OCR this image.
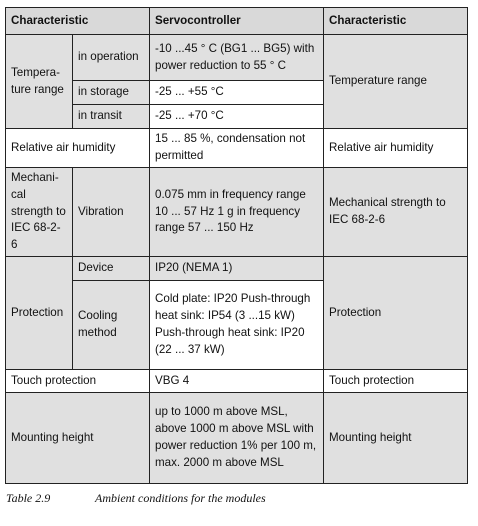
Characteristic		Servocontroller	Characteristic
Tempera-ture range	in operation	-10 ...45 ° C (BG1 ... BG5) with power reduction to 55 ° C	Temperature range
	in storage	-25 ... +55 °C	
	in transit	-25 ... +70 °C	
Relative air humidity		15 ... 85 %, condensation not permitted	Relative air humidity
Mechani-cal strength to IEC 68-2-6	Vibration	0.075 mm in frequency range 10 ... 57 Hz 1 g in frequency range 57 ... 150 Hz	Mechanical strength to IEC 68-2-6
Protection	Device	IP20 (NEMA 1)	Protection
	Cooling method	Cold plate: IP20 Push-through heat sink: IP54 (3 ...15 kW) Push-through heat sink: IP20 (22 ... 37 kW)	
Touch protection		VBG 4	Touch protection
Mounting height		up to 1000 m above MSL, above 1000 m above MSL with power reduction 1% per 100 m, max. 2000 m above MSL	Mounting height
Table 2.9	Ambient conditions for the modules
